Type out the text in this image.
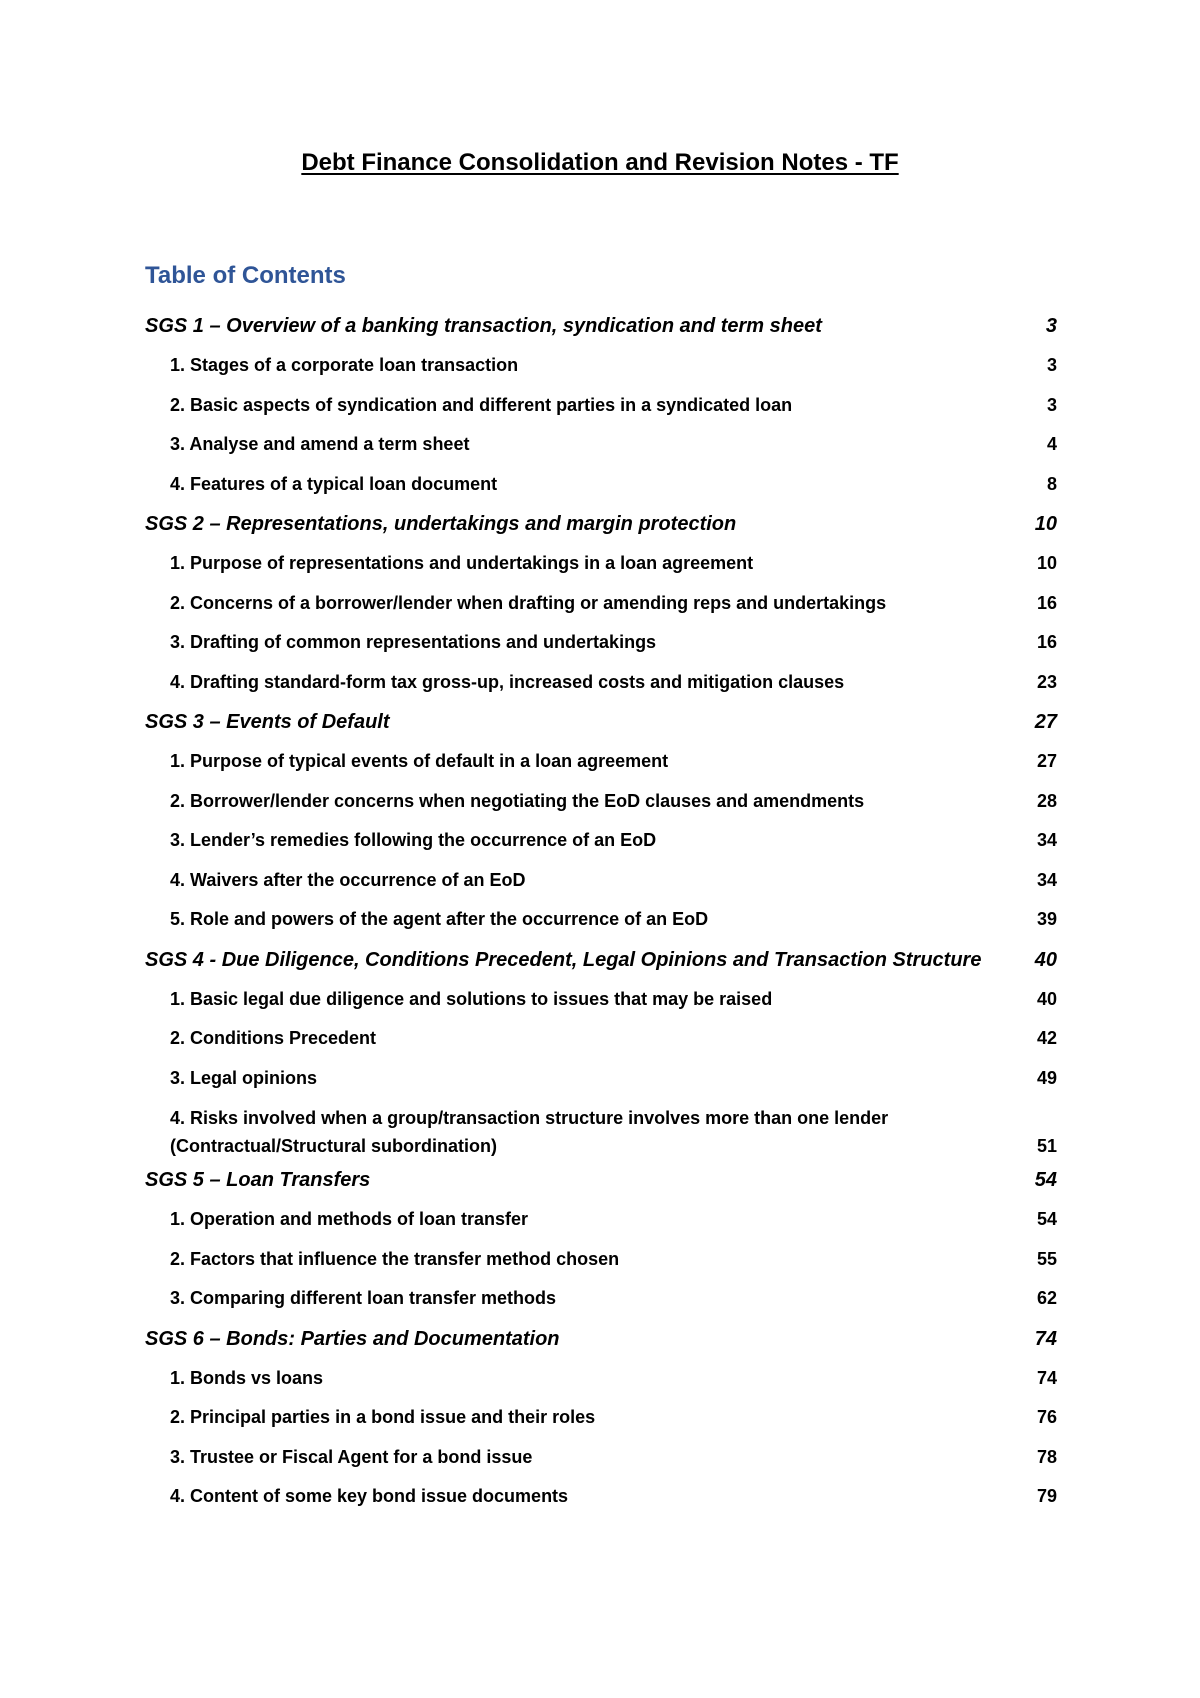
Debt Finance Consolidation and Revision Notes - TF
Table of Contents
SGS 1 – Overview of a banking transaction, syndication and term sheet	3
1. Stages of a corporate loan transaction	3
2. Basic aspects of syndication and different parties in a syndicated loan	3
3. Analyse and amend a term sheet	4
4. Features of a typical loan document	8
SGS 2 – Representations, undertakings and margin protection	10
1. Purpose of representations and undertakings in a loan agreement	10
2. Concerns of a borrower/lender when drafting or amending reps and undertakings	16
3. Drafting of common representations and undertakings	16
4. Drafting standard-form tax gross-up, increased costs and mitigation clauses	23
SGS 3 – Events of Default	27
1. Purpose of typical events of default in a loan agreement	27
2. Borrower/lender concerns when negotiating the EoD clauses and amendments	28
3. Lender’s remedies following the occurrence of an EoD	34
4. Waivers after the occurrence of an EoD	34
5. Role and powers of the agent after the occurrence of an EoD	39
SGS 4 - Due Diligence, Conditions Precedent, Legal Opinions and Transaction Structure	40
1. Basic legal due diligence and solutions to issues that may be raised	40
2. Conditions Precedent	42
3. Legal opinions	49
4. Risks involved when a group/transaction structure involves more than one lender
(Contractual/Structural subordination)	51
SGS 5 – Loan Transfers	54
1. Operation and methods of loan transfer	54
2. Factors that influence the transfer method chosen	55
3. Comparing different loan transfer methods	62
SGS 6 – Bonds: Parties and Documentation	74
1. Bonds vs loans	74
2. Principal parties in a bond issue and their roles	76
3. Trustee or Fiscal Agent for a bond issue	78
4. Content of some key bond issue documents	79
